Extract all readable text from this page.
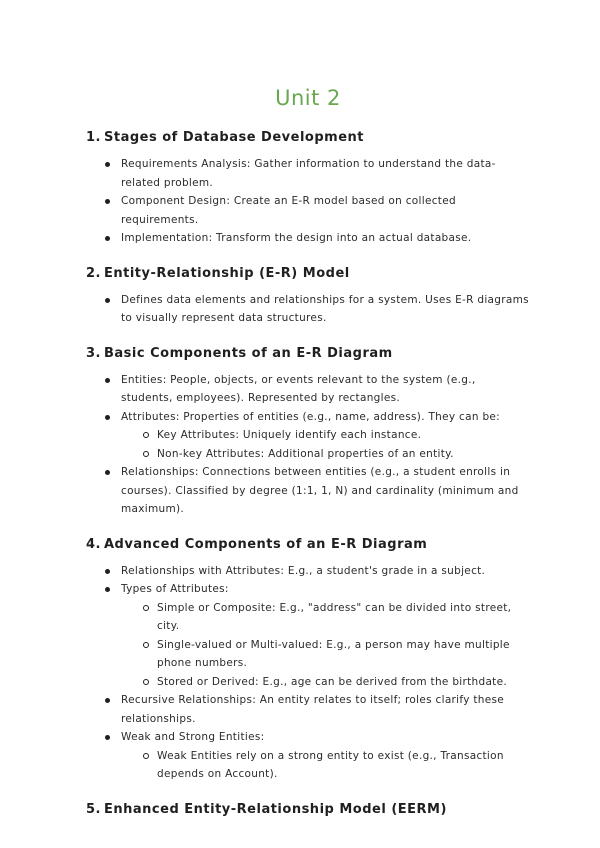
Unit 2
1. Stages of Database Development
Requirements Analysis: Gather information to understand the data-related problem.
Component Design: Create an E-R model based on collected requirements.
Implementation: Transform the design into an actual database.
2. Entity-Relationship (E-R) Model
Defines data elements and relationships for a system. Uses E-R diagrams to visually represent data structures.
3. Basic Components of an E-R Diagram
Entities: People, objects, or events relevant to the system (e.g., students, employees). Represented by rectangles.
Attributes: Properties of entities (e.g., name, address). They can be:
Key Attributes: Uniquely identify each instance.
Non-key Attributes: Additional properties of an entity.
Relationships: Connections between entities (e.g., a student enrolls in courses). Classified by degree (1:1, 1, N) and cardinality (minimum and maximum).
4. Advanced Components of an E-R Diagram
Relationships with Attributes: E.g., a student's grade in a subject.
Types of Attributes:
Simple or Composite: E.g., "address" can be divided into street, city.
Single-valued or Multi-valued: E.g., a person may have multiple phone numbers.
Stored or Derived: E.g., age can be derived from the birthdate.
Recursive Relationships: An entity relates to itself; roles clarify these relationships.
Weak and Strong Entities:
Weak Entities rely on a strong entity to exist (e.g., Transaction depends on Account).
5. Enhanced Entity-Relationship Model (EERM)
